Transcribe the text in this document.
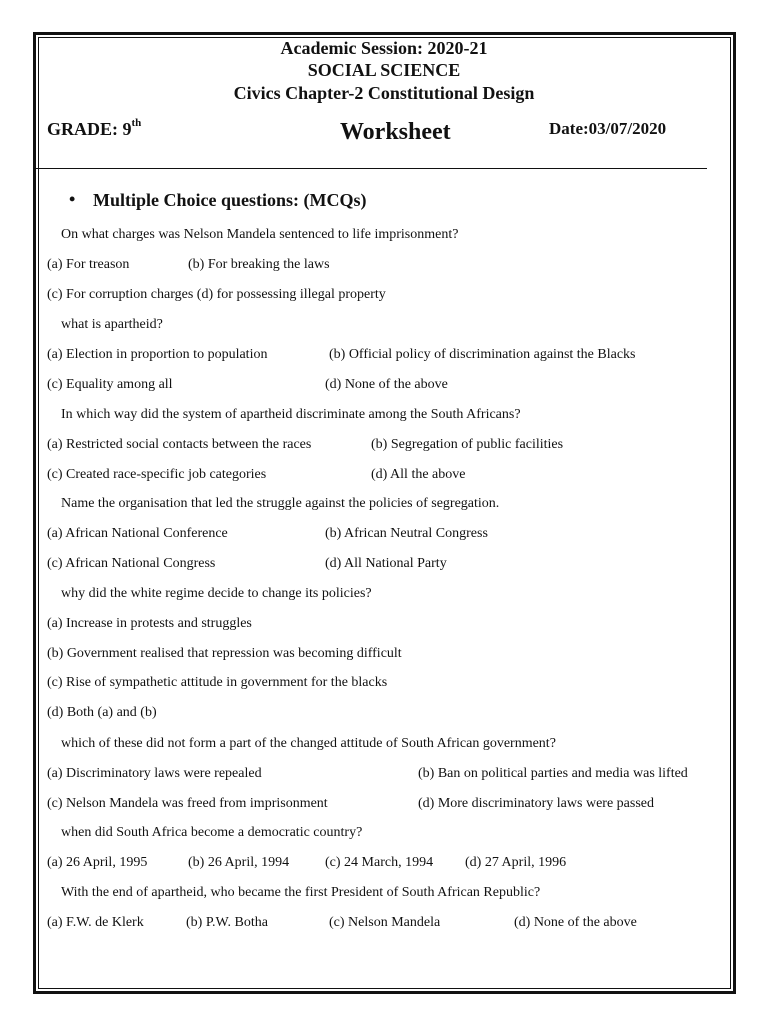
Academic Session: 2020-21
SOCIAL SCIENCE
Civics Chapter-2 Constitutional Design
GRADE: 9th	Worksheet	Date:03/07/2020
• Multiple Choice questions: (MCQs)
On what charges was Nelson Mandela sentenced to life imprisonment?
(a) For treason	(b) For breaking the laws
(c) For corruption charges (d) for possessing illegal property
what is apartheid?
(a) Election in proportion to population	(b) Official policy of discrimination against the Blacks
(c) Equality among all	(d) None of the above
In which way did the system of apartheid discriminate among the South Africans?
(a) Restricted social contacts between the races	(b) Segregation of public facilities
(c) Created race-specific job categories	(d) All the above
Name the organisation that led the struggle against the policies of segregation.
(a) African National Conference	(b) African Neutral Congress
(c) African National Congress	(d) All National Party
why did the white regime decide to change its policies?
(a) Increase in protests and struggles
(b) Government realised that repression was becoming difficult
(c) Rise of sympathetic attitude in government for the blacks
(d) Both (a) and (b)
which of these did not form a part of the changed attitude of South African government?
(a) Discriminatory laws were repealed	(b) Ban on political parties and media was lifted
(c) Nelson Mandela was freed from imprisonment	(d) More discriminatory laws were passed
when did South Africa become a democratic country?
(a) 26 April, 1995	(b) 26 April, 1994	(c) 24 March, 1994 (d) 27 April, 1996
With the end of apartheid, who became the first President of South African Republic?
(a) F.W. de Klerk	(b) P.W. Botha	(c) Nelson Mandela	(d) None of the above
